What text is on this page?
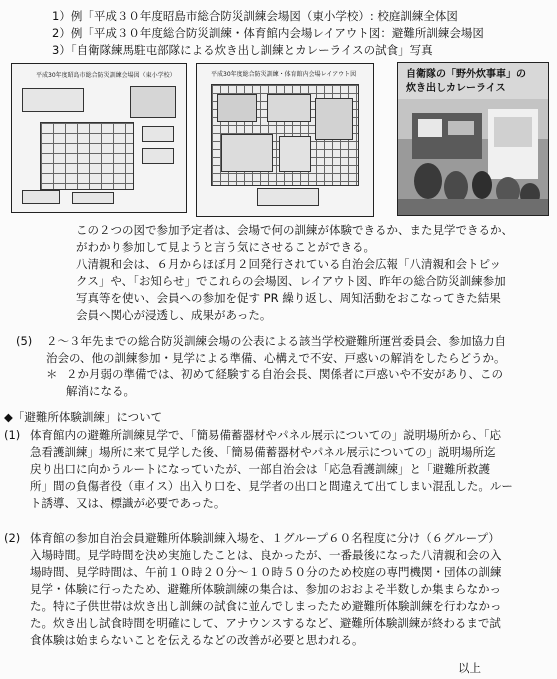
1）例「平成３０年度昭島市総合防災訓練会場図（東小学校）: 校庭訓練全体図
2）例「平成３０年度総合防災訓練・体育館内会場レイアウト図：避難所訓練会場図
3）「自衛隊練馬駐屯部隊による炊き出し訓練とカレーライスの試食」写真
平成30年度昭島市総合防災訓練会場図（東小学校）	平成30年度総合防災訓練・体育館内会場レイアウト図	自衛隊の「野外炊事車」の
炊き出しカレーライス
この２つの図で参加予定者は、会場で何の訓練が体験できるか、また見学できるか、
がわかり参加して見ようと言う気にさせることができる。
八清親和会は、６月からほぼ月２回発行されている自治会広報「八清親和会トピッ
クス」や、「お知らせ」でこれらの会場図、レイアウト図、昨年の総合防災訓練参加
写真等を使い、会員への参加を促す PR 繰り返し、周知活動をおこなってきた結果
会員へ関心が浸透し、成果があった。
(5) ２～３年先までの総合防災訓練会場の公表による該当学校避難所運営委員会、参加協力自
治会の、他の訓練参加・見学による準備、心構えで不安、戸惑いの解消をしたらどうか。
＊ ２か月弱の準備では、初めて経験する自治会長、関係者に戸惑いや不安があり、この
解消になる。
◆「避難所体験訓練」について
(1) 体育館内の避難所訓練見学で、「簡易備蓄器材やパネル展示についての」説明場所から、「応
急看護訓練」場所に来て見学した後、「簡易備蓄器材やパネル展示についての」説明場所迄
戻り出口に向かうルートになっていたが、一部自治会は「応急看護訓練」と「避難所救護
所」間の負傷者役（車イス）出入り口を、見学者の出口と間違えて出てしまい混乱した。ルー
ト誘導、又は、標識が必要であった。
(2) 体育館の参加自治会員避難所体験訓練入場を、１グループ６０名程度に分け（６グループ）
入場時間。見学時間を決め実施したことは、良かったが、一番最後になった八清親和会の入
場時間、見学時間は、午前１０時２０分～１０時５０分のため校庭の専門機関・団体の訓練
見学・体験に行ったため、避難所体験訓練の集合は、参加のおおよそ半数しか集まらなかっ
た。特に子供世帯は炊き出し訓練の試食に並んでしまったため避難所体験訓練を行わなかっ
た。炊き出し試食時間を明確にして、アナウンスするなど、避難所体験訓練が終わるまで試
食体験は始まらないことを伝えるなどの改善が必要と思われる。
以上
